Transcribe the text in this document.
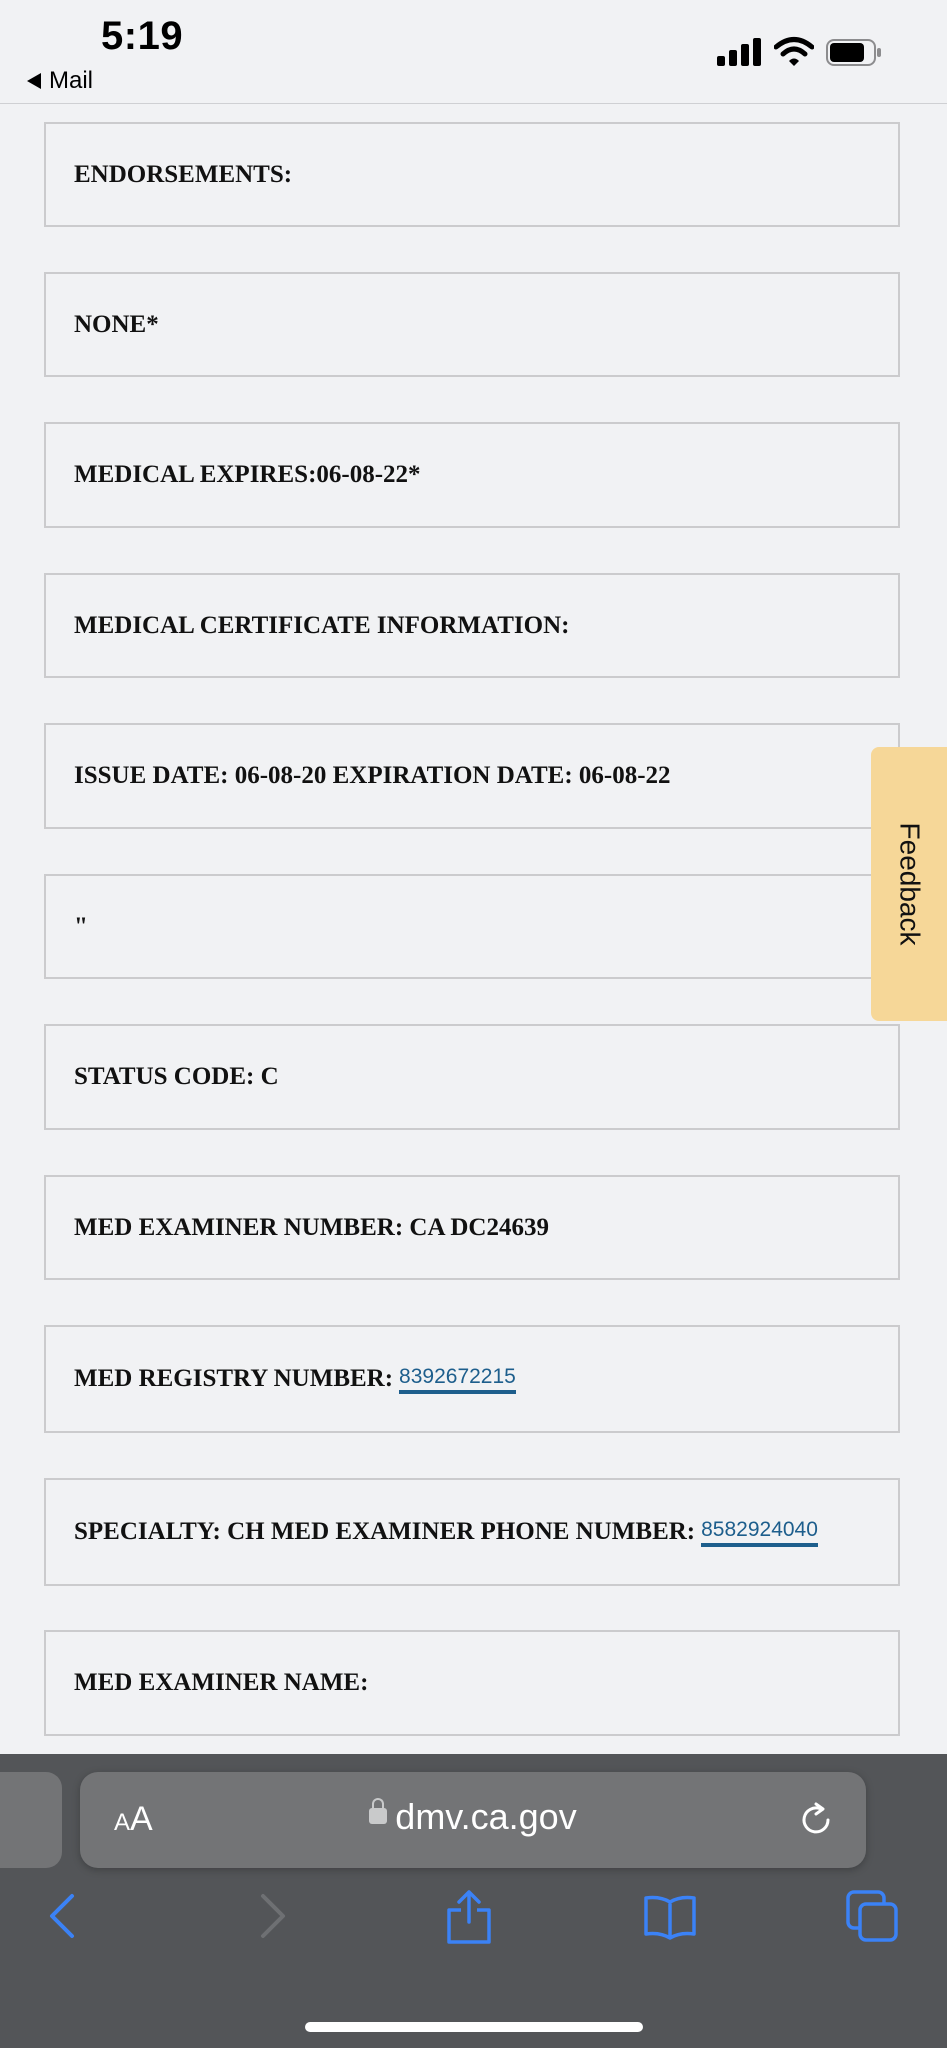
5:19
Mail
ENDORSEMENTS:
NONE*
MEDICAL EXPIRES:06-08-22*
MEDICAL CERTIFICATE INFORMATION:
ISSUE DATE: 06-08-20 EXPIRATION DATE: 06-08-22
"
STATUS CODE: C
MED EXAMINER NUMBER: CA DC24639
MED REGISTRY NUMBER: 8392672215
SPECIALTY: CH MED EXAMINER PHONE NUMBER: 8582924040
MED EXAMINER NAME:
Feedback
AA	dmv.ca.gov
